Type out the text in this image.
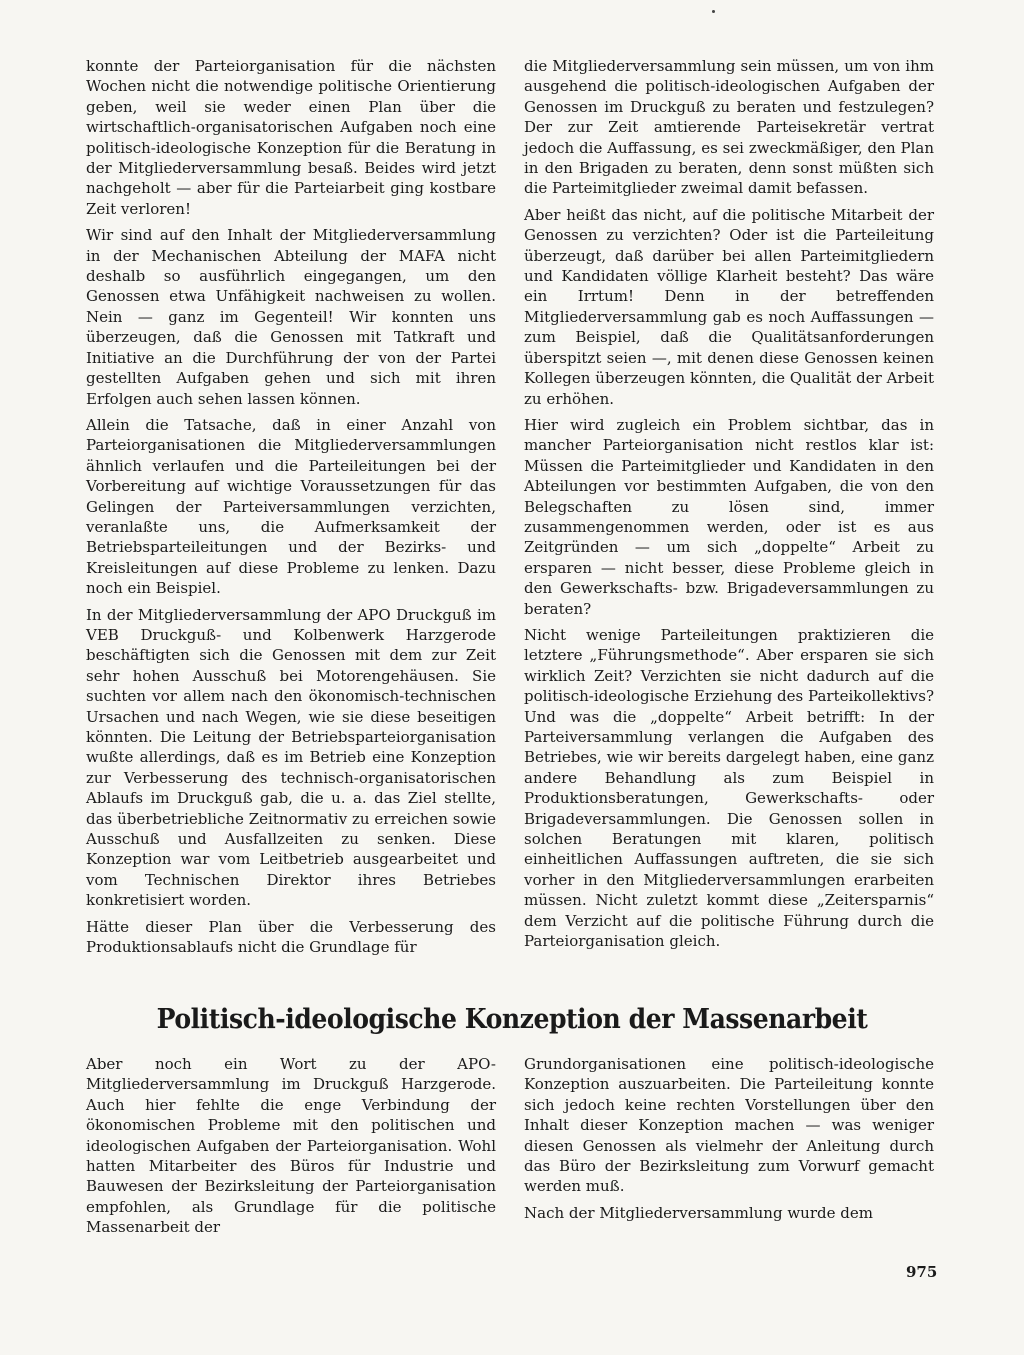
konnte der Parteiorganisation für die nächsten Wochen nicht die notwendige politische Orientierung geben, weil sie weder einen Plan über die wirtschaftlich-organisatorischen Aufgaben noch eine politisch-ideologische Konzeption für die Beratung in der Mitgliederversammlung besaß. Beides wird jetzt nachgeholt — aber für die Parteiarbeit ging kostbare Zeit verloren!

Wir sind auf den Inhalt der Mitgliederversammlung in der Mechanischen Abteilung der MAFA nicht deshalb so ausführlich eingegangen, um den Genossen etwa Unfähigkeit nachweisen zu wollen. Nein — ganz im Gegenteil! Wir konnten uns überzeugen, daß die Genossen mit Tatkraft und Initiative an die Durchführung der von der Partei gestellten Aufgaben gehen und sich mit ihren Erfolgen auch sehen lassen können.

Allein die Tatsache, daß in einer Anzahl von Parteiorganisationen die Mitgliederversammlungen ähnlich verlaufen und die Parteileitungen bei der Vorbereitung auf wichtige Voraussetzungen für das Gelingen der Parteiversammlungen verzichten, veranlaßte uns, die Aufmerksamkeit der Betriebsparteileitungen und der Bezirks- und Kreisleitungen auf diese Probleme zu lenken. Dazu noch ein Beispiel.

In der Mitgliederversammlung der APO Druckguß im VEB Druckguß- und Kolbenwerk Harzgerode beschäftigten sich die Genossen mit dem zur Zeit sehr hohen Ausschuß bei Motorengehäusen. Sie suchten vor allem nach den ökonomisch-technischen Ursachen und nach Wegen, wie sie diese beseitigen könnten. Die Leitung der Betriebsparteiorganisation wußte allerdings, daß es im Betrieb eine Konzeption zur Verbesserung des technisch-organisatorischen Ablaufs im Druckguß gab, die u. a. das Ziel stellte, das überbetriebliche Zeitnormativ zu erreichen sowie Ausschuß und Ausfallzeiten zu senken. Diese Konzeption war vom Leitbetrieb ausgearbeitet und vom Technischen Direktor ihres Betriebes konkretisiert worden.

Hätte dieser Plan über die Verbesserung des Produktionsablaufs nicht die Grundlage für

die Mitgliederversammlung sein müssen, um von ihm ausgehend die politisch-ideologischen Aufgaben der Genossen im Druckguß zu beraten und festzulegen? Der zur Zeit amtierende Parteisekretär vertrat jedoch die Auffassung, es sei zweckmäßiger, den Plan in den Brigaden zu beraten, denn sonst müßten sich die Parteimitglieder zweimal damit befassen.

Aber heißt das nicht, auf die politische Mitarbeit der Genossen zu verzichten? Oder ist die Parteileitung überzeugt, daß darüber bei allen Parteimitgliedern und Kandidaten völlige Klarheit besteht? Das wäre ein Irrtum! Denn in der betreffenden Mitgliederversammlung gab es noch Auffassungen — zum Beispiel, daß die Qualitätsanforderungen überspitzt seien —, mit denen diese Genossen keinen Kollegen überzeugen könnten, die Qualität der Arbeit zu erhöhen.

Hier wird zugleich ein Problem sichtbar, das in mancher Parteiorganisation nicht restlos klar ist: Müssen die Parteimitglieder und Kandidaten in den Abteilungen vor bestimmten Aufgaben, die von den Belegschaften zu lösen sind, immer zusammengenommen werden, oder ist es aus Zeitgründen — um sich „doppelte“ Arbeit zu ersparen — nicht besser, diese Probleme gleich in den Gewerkschafts- bzw. Brigadeversammlungen zu beraten?

Nicht wenige Parteileitungen praktizieren die letztere „Führungsmethode“. Aber ersparen sie sich wirklich Zeit? Verzichten sie nicht dadurch auf die politisch-ideologische Erziehung des Parteikollektivs? Und was die „doppelte“ Arbeit betrifft: In der Parteiversammlung verlangen die Aufgaben des Betriebes, wie wir bereits dargelegt haben, eine ganz andere Behandlung als zum Beispiel in Produktionsberatungen, Gewerkschafts- oder Brigadeversammlungen. Die Genossen sollen in solchen Beratungen mit klaren, politisch einheitlichen Auffassungen auftreten, die sie sich vorher in den Mitgliederversammlungen erarbeiten müssen. Nicht zuletzt kommt diese „Zeitersparnis“ dem Verzicht auf die politische Führung durch die Parteiorganisation gleich.

Politisch-ideologische Konzeption der Massenarbeit

Aber noch ein Wort zu der APO-Mitgliederversammlung im Druckguß Harzgerode. Auch hier fehlte die enge Verbindung der ökonomischen Probleme mit den politischen und ideologischen Aufgaben der Parteiorganisation. Wohl hatten Mitarbeiter des Büros für Industrie und Bauwesen der Bezirksleitung der Parteiorganisation empfohlen, als Grundlage für die politische Massenarbeit der

Grundorganisationen eine politisch-ideologische Konzeption auszuarbeiten. Die Parteileitung konnte sich jedoch keine rechten Vorstellungen über den Inhalt dieser Konzeption machen — was weniger diesen Genossen als vielmehr der Anleitung durch das Büro der Bezirksleitung zum Vorwurf gemacht werden muß.

Nach der Mitgliederversammlung wurde dem

975
